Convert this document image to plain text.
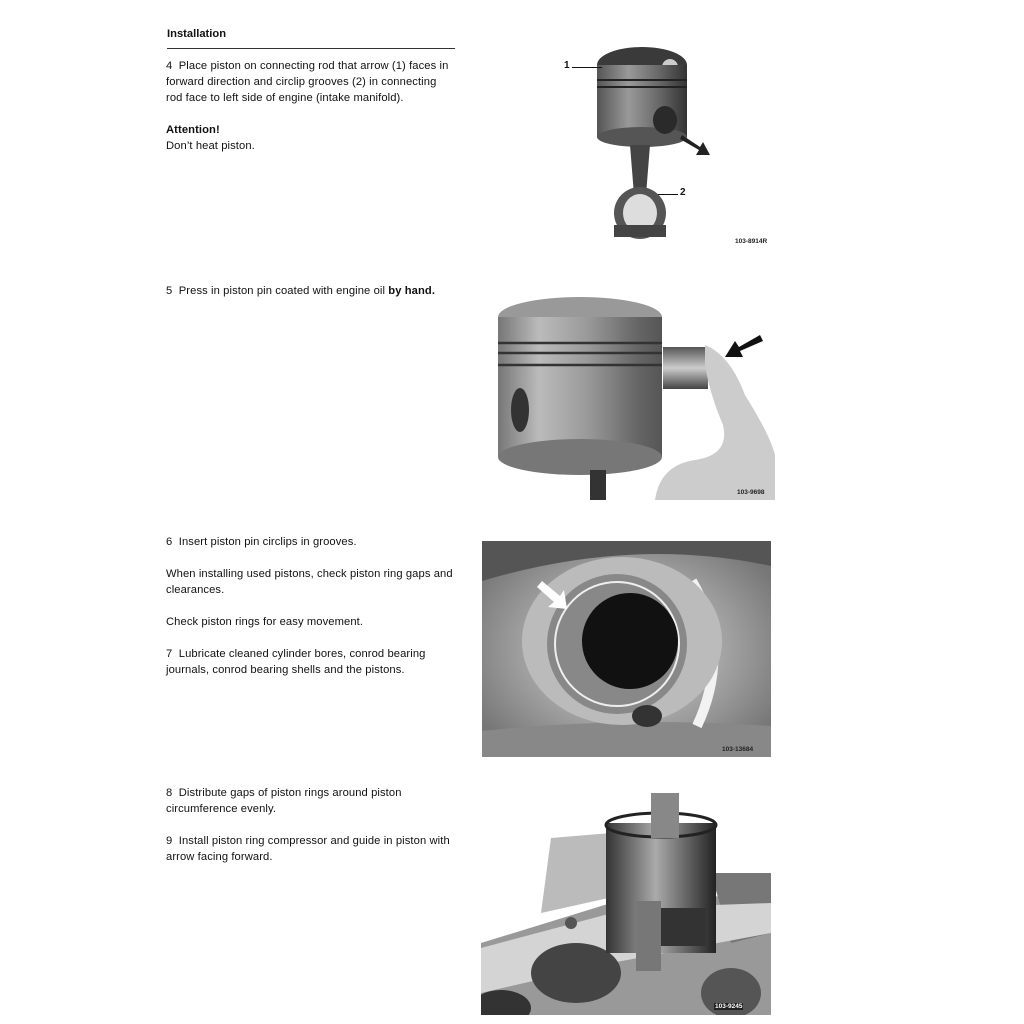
Installation

4 Place piston on connecting rod that arrow (1) faces in forward direction and circlip grooves (2) in connecting rod face to left side of engine (intake manifold).

Attention!

Don’t heat piston.

5 Press in piston pin coated with engine oil by hand.

6 Insert piston pin circlips in grooves.

When installing used pistons, check piston ring gaps and clearances.

Check piston rings for easy movement.

7 Lubricate cleaned cylinder bores, conrod bearing journals, conrod bearing shells and the pistons.

8 Distribute gaps of piston rings around piston circumference evenly.

9 Install piston ring compressor and guide in piston with arrow facing forward.

1
2
103-8914R
103-9698
103-13684
103-9245
